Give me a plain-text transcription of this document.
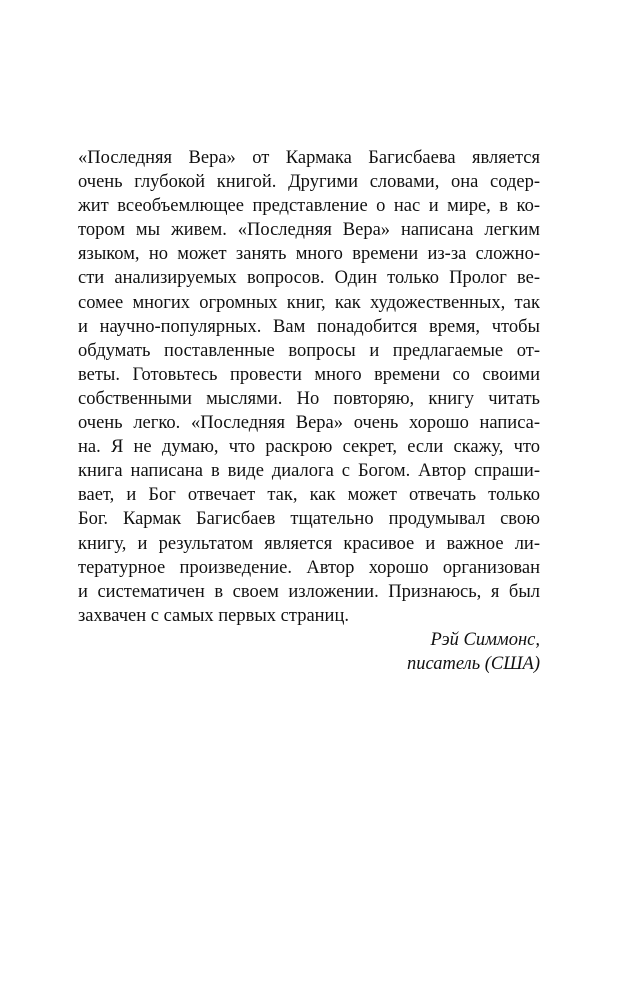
«Последняя Вера» от Кармака Багисбаева является
очень глубокой книгой. Другими словами, она содер-
жит всеобъемлющее представление о нас и мире, в ко-
тором мы живем. «Последняя Вера» написана легким
языком, но может занять много времени из-за сложно-
сти анализируемых вопросов. Один только Пролог ве-
сомее многих огромных книг, как художественных, так
и научно-популярных. Вам понадобится время, чтобы
обдумать поставленные вопросы и предлагаемые от-
веты. Готовьтесь провести много времени со своими
собственными мыслями. Но повторяю, книгу читать
очень легко. «Последняя Вера» очень хорошо написа-
на. Я не думаю, что раскрою секрет, если скажу, что
книга написана в виде диалога с Богом. Автор спраши-
вает, и Бог отвечает так, как может отвечать только
Бог. Кармак Багисбаев тщательно продумывал свою
книгу, и результатом является красивое и важное ли-
тературное произведение. Автор хорошо организован
и систематичен в своем изложении. Признаюсь, я был
захвачен с самых первых страниц.
Рэй Симмонс,
писатель (США)
